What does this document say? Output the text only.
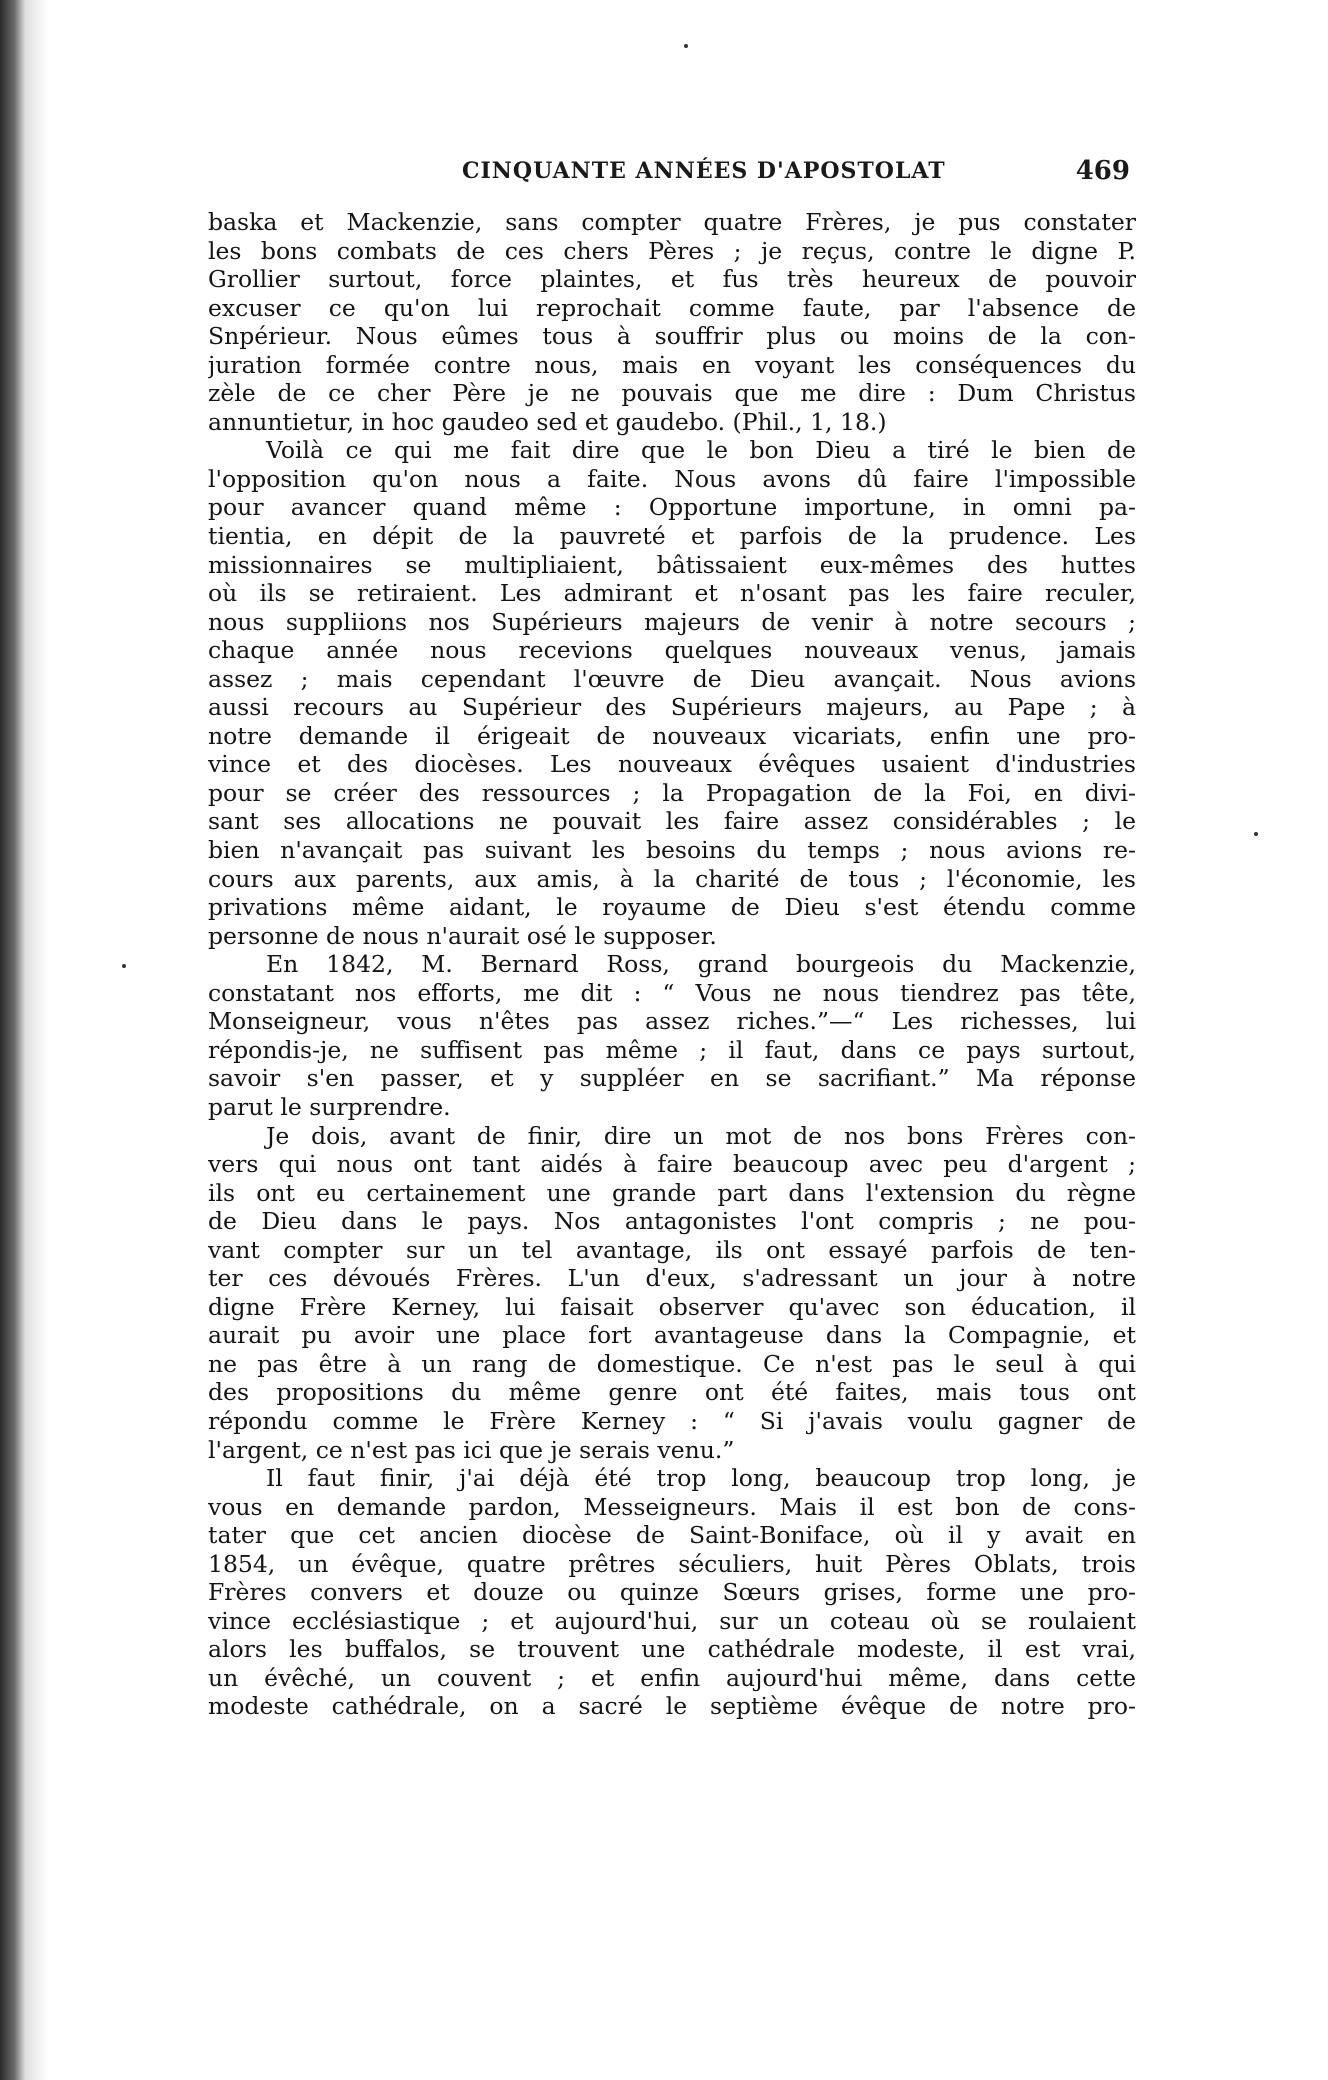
CINQUANTE ANNÉES D'APOSTOLAT	469
baska et Mackenzie, sans compter quatre Frères, je pus constater
les bons combats de ces chers Pères ; je reçus, contre le digne P.
Grollier surtout, force plaintes, et fus très heureux de pouvoir
excuser ce qu'on lui reprochait comme faute, par l'absence de
Snpérieur. Nous eûmes tous à souffrir plus ou moins de la con-
juration formée contre nous, mais en voyant les conséquences du
zèle de ce cher Père je ne pouvais que me dire : Dum Christus
annuntietur, in hoc gaudeo sed et gaudebo. (Phil., 1, 18.)
Voilà ce qui me fait dire que le bon Dieu a tiré le bien de
l'opposition qu'on nous a faite. Nous avons dû faire l'impossible
pour avancer quand même : Opportune importune, in omni pa-
tientia, en dépit de la pauvreté et parfois de la prudence. Les
missionnaires se multipliaient, bâtissaient eux-mêmes des huttes
où ils se retiraient. Les admirant et n'osant pas les faire reculer,
nous suppliions nos Supérieurs majeurs de venir à notre secours ;
chaque année nous recevions quelques nouveaux venus, jamais
assez ; mais cependant l'œuvre de Dieu avançait. Nous avions
aussi recours au Supérieur des Supérieurs majeurs, au Pape ; à
notre demande il érigeait de nouveaux vicariats, enfin une pro-
vince et des diocèses. Les nouveaux évêques usaient d'industries
pour se créer des ressources ; la Propagation de la Foi, en divi-
sant ses allocations ne pouvait les faire assez considérables ; le
bien n'avançait pas suivant les besoins du temps ; nous avions re-
cours aux parents, aux amis, à la charité de tous ; l'économie, les
privations même aidant, le royaume de Dieu s'est étendu comme
personne de nous n'aurait osé le supposer.
En 1842, M. Bernard Ross, grand bourgeois du Mackenzie,
constatant nos efforts, me dit : “ Vous ne nous tiendrez pas tête,
Monseigneur, vous n'êtes pas assez riches.”—“ Les richesses, lui
répondis-je, ne suffisent pas même ; il faut, dans ce pays surtout,
savoir s'en passer, et y suppléer en se sacrifiant.” Ma réponse
parut le surprendre.
Je dois, avant de finir, dire un mot de nos bons Frères con-
vers qui nous ont tant aidés à faire beaucoup avec peu d'argent ;
ils ont eu certainement une grande part dans l'extension du règne
de Dieu dans le pays. Nos antagonistes l'ont compris ; ne pou-
vant compter sur un tel avantage, ils ont essayé parfois de ten-
ter ces dévoués Frères. L'un d'eux, s'adressant un jour à notre
digne Frère Kerney, lui faisait observer qu'avec son éducation, il
aurait pu avoir une place fort avantageuse dans la Compagnie, et
ne pas être à un rang de domestique. Ce n'est pas le seul à qui
des propositions du même genre ont été faites, mais tous ont
répondu comme le Frère Kerney : “ Si j'avais voulu gagner de
l'argent, ce n'est pas ici que je serais venu.”
Il faut finir, j'ai déjà été trop long, beaucoup trop long, je
vous en demande pardon, Messeigneurs. Mais il est bon de cons-
tater que cet ancien diocèse de Saint-Boniface, où il y avait en
1854, un évêque, quatre prêtres séculiers, huit Pères Oblats, trois
Frères convers et douze ou quinze Sœurs grises, forme une pro-
vince ecclésiastique ; et aujourd'hui, sur un coteau où se roulaient
alors les buffalos, se trouvent une cathédrale modeste, il est vrai,
un évêché, un couvent ; et enfin aujourd'hui même, dans cette
modeste cathédrale, on a sacré le septième évêque de notre pro-
